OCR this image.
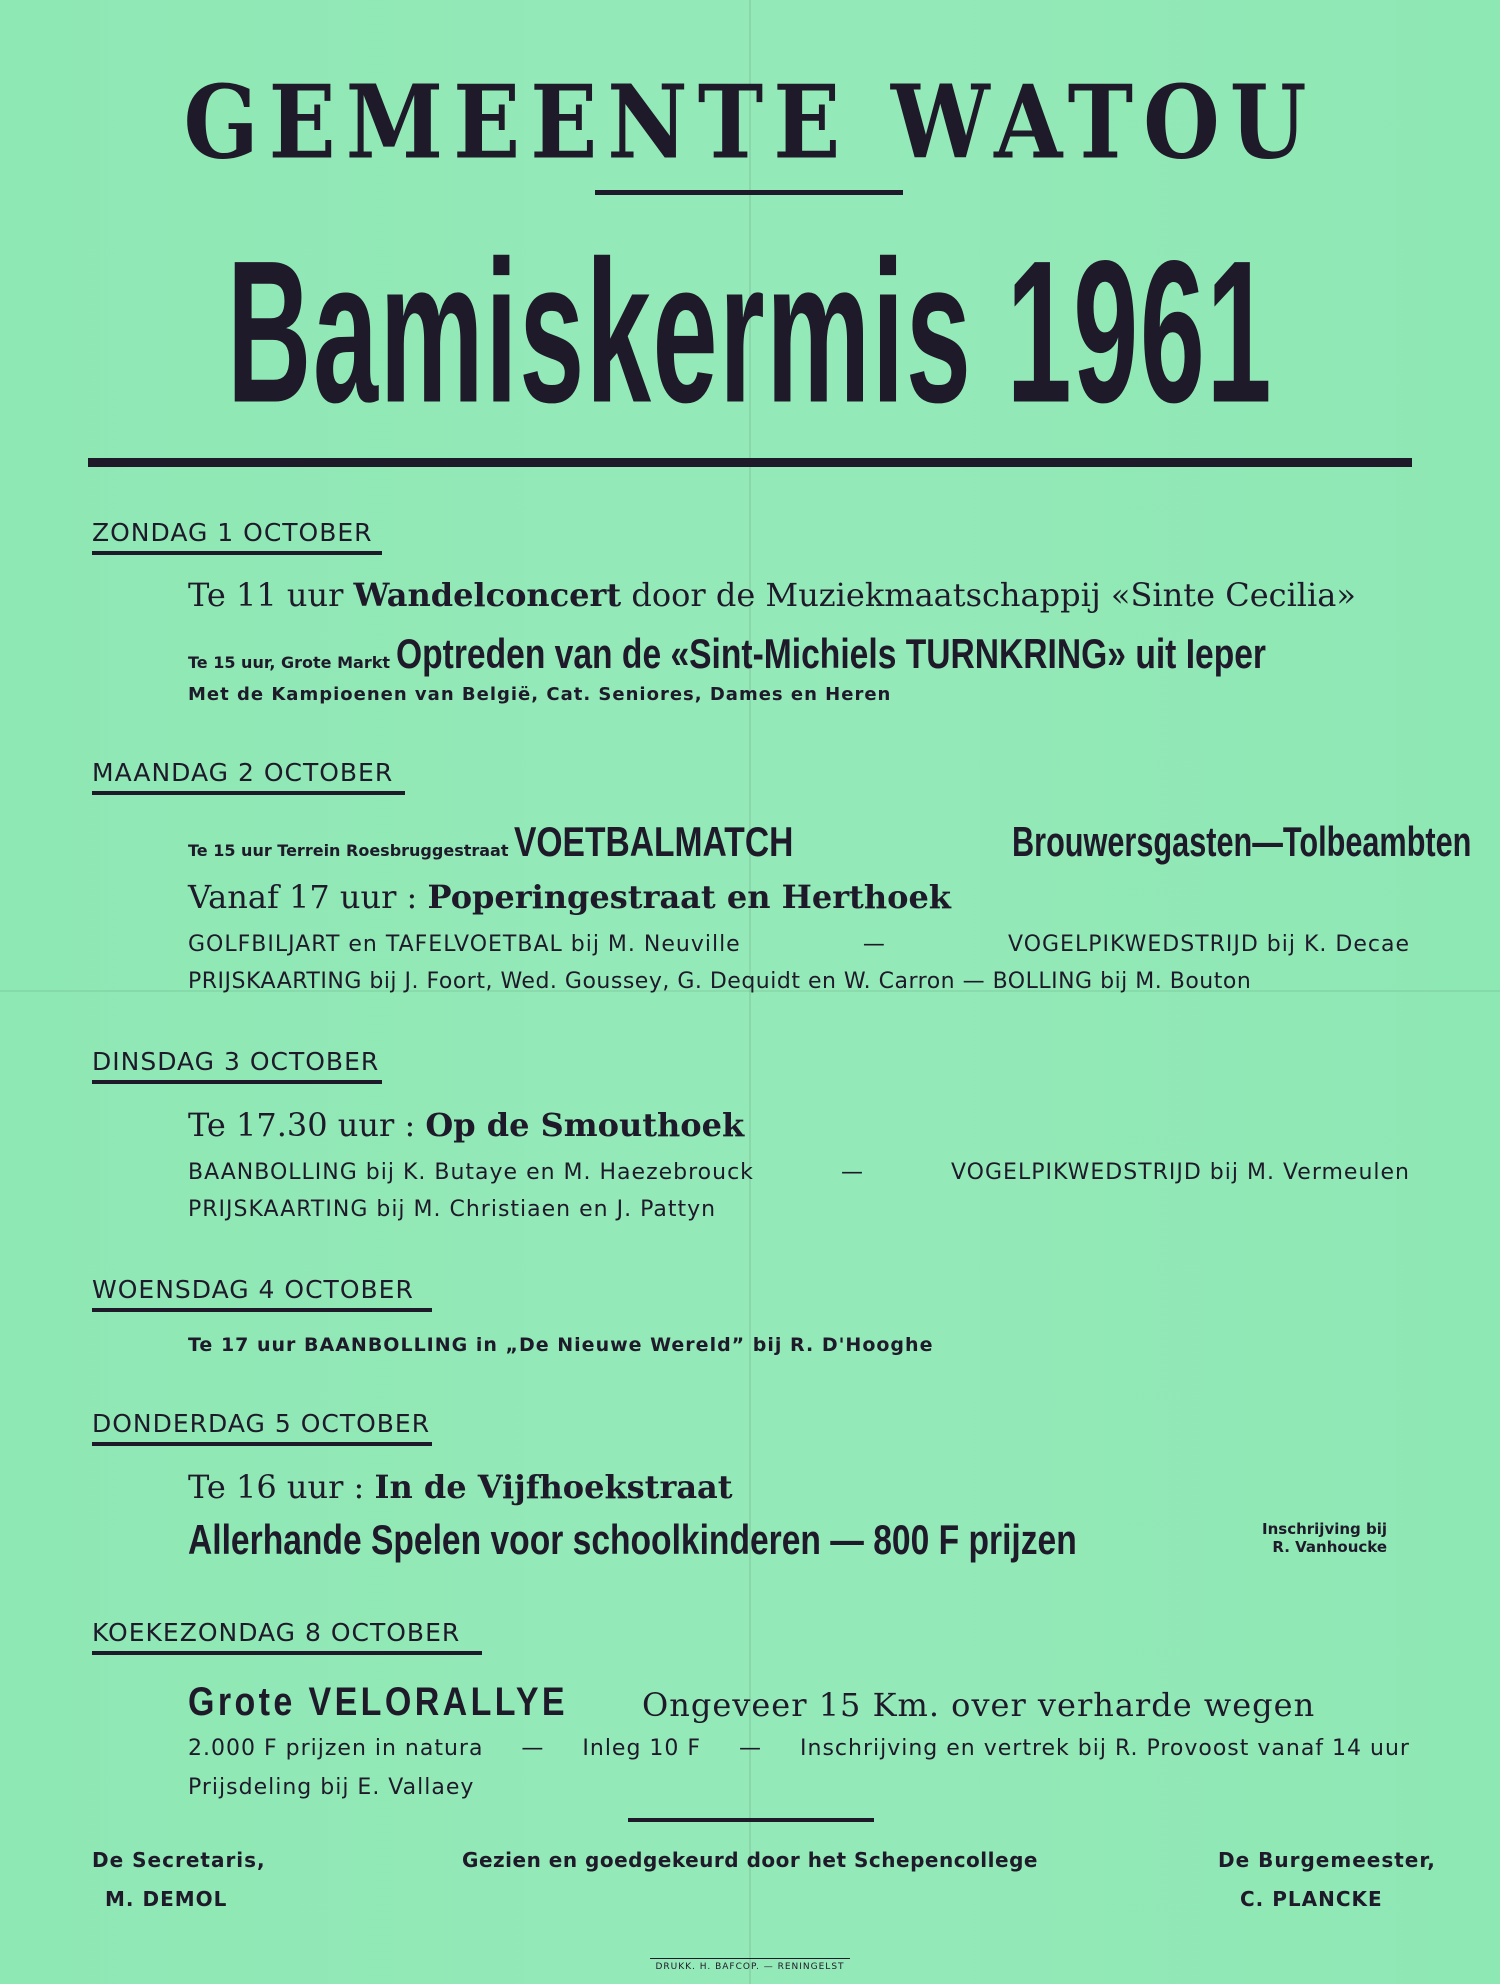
GEMEENTE WATOU
Bamiskermis 1961
ZONDAG 1 OCTOBER
Te 11 uur Wandelconcert door de Muziekmaatschappij «Sinte Cecilia»
Te 15 uur, Grote Markt Optreden van de «Sint-Michiels TURNKRING» uit Ieper
Met de Kampioenen van België, Cat. Seniores, Dames en Heren
MAANDAG 2 OCTOBER
Te 15 uur Terrein Roesbruggestraat VOETBALMATCH	Brouwersgasten—Tolbeambten
Vanaf 17 uur : Poperingestraat en Herthoek
GOLFBILJART en TAFELVOETBAL bij M. Neuville	—	VOGELPIKWEDSTRIJD bij K. Decae
PRIJSKAARTING bij J. Foort, Wed. Goussey, G. Dequidt en W. Carron — BOLLING bij M. Bouton
DINSDAG 3 OCTOBER
Te 17.30 uur : Op de Smouthoek
BAANBOLLING bij K. Butaye en M. Haezebrouck	—	VOGELPIKWEDSTRIJD bij M. Vermeulen
PRIJSKAARTING bij M. Christiaen en J. Pattyn
WOENSDAG 4 OCTOBER
Te 17 uur BAANBOLLING in „De Nieuwe Wereld” bij R. D'Hooghe
DONDERDAG 5 OCTOBER
Te 16 uur : In de Vijfhoekstraat
Allerhande Spelen voor schoolkinderen — 800 F prijzen	Inschrijving bij
R. Vanhoucke
KOEKEZONDAG 8 OCTOBER
Grote VELORALLYE	Ongeveer 15 Km. over verharde wegen
2.000 F prijzen in natura — Inleg 10 F — Inschrijving en vertrek bij R. Provoost vanaf 14 uur
Prijsdeling bij E. Vallaey
De Secretaris,
M. DEMOL
Gezien en goedgekeurd door het Schepencollege	De Burgemeester,
C. PLANCKE
DRUKK. H. BAFCOP. — RENINGELST
